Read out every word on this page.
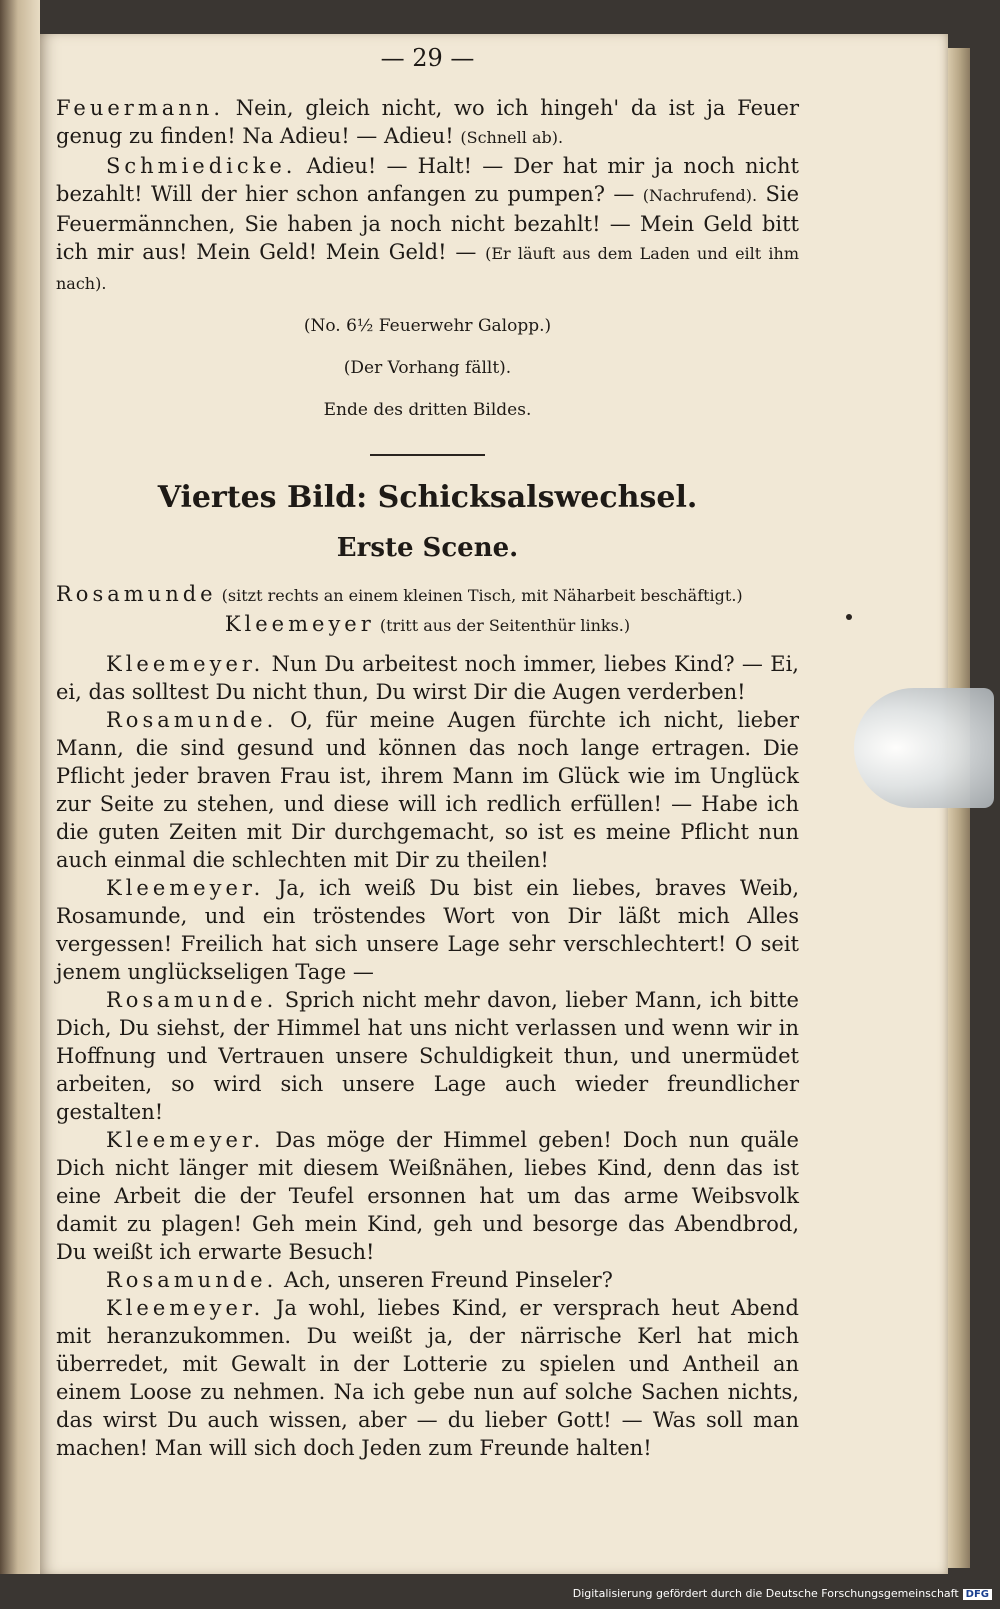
— 29 —

Feuermann. Nein, gleich nicht, wo ich hingeh' da ist ja Feuer genug zu finden! Na Adieu! — Adieu! (Schnell ab).

Schmiedicke. Adieu! — Halt! — Der hat mir ja noch nicht bezahlt! Will der hier schon anfangen zu pumpen? — (Nachrufend). Sie Feuermännchen, Sie haben ja noch nicht bezahlt! — Mein Geld bitt ich mir aus! Mein Geld! Mein Geld! — (Er läuft aus dem Laden und eilt ihm nach).

(No. 6½ Feuerwehr Galopp.)
(Der Vorhang fällt).
Ende des dritten Bildes.
Viertes Bild: Schicksalswechsel.
Erste Scene.

Rosamunde (sitzt rechts an einem kleinen Tisch, mit Näharbeit beschäftigt.)

Kleemeyer (tritt aus der Seitenthür links.)

Kleemeyer. Nun Du arbeitest noch immer, liebes Kind? — Ei, ei, das solltest Du nicht thun, Du wirst Dir die Augen verderben!

Rosamunde. O, für meine Augen fürchte ich nicht, lieber Mann, die sind gesund und können das noch lange ertragen. Die Pflicht jeder braven Frau ist, ihrem Mann im Glück wie im Unglück zur Seite zu stehen, und diese will ich redlich erfüllen! — Habe ich die guten Zeiten mit Dir durchgemacht, so ist es meine Pflicht nun auch einmal die schlechten mit Dir zu theilen!

Kleemeyer. Ja, ich weiß Du bist ein liebes, braves Weib, Rosamunde, und ein tröstendes Wort von Dir läßt mich Alles vergessen! Freilich hat sich unsere Lage sehr verschlechtert! O seit jenem unglückseligen Tage —

Rosamunde. Sprich nicht mehr davon, lieber Mann, ich bitte Dich, Du siehst, der Himmel hat uns nicht verlassen und wenn wir in Hoffnung und Vertrauen unsere Schuldigkeit thun, und unermüdet arbeiten, so wird sich unsere Lage auch wieder freundlicher gestalten!

Kleemeyer. Das möge der Himmel geben! Doch nun quäle Dich nicht länger mit diesem Weißnähen, liebes Kind, denn das ist eine Arbeit die der Teufel ersonnen hat um das arme Weibsvolk damit zu plagen! Geh mein Kind, geh und besorge das Abendbrod, Du weißt ich erwarte Besuch!

Rosamunde. Ach, unseren Freund Pinseler?

Kleemeyer. Ja wohl, liebes Kind, er versprach heut Abend mit heranzukommen. Du weißt ja, der närrische Kerl hat mich überredet, mit Gewalt in der Lotterie zu spielen und Antheil an einem Loose zu nehmen. Na ich gebe nun auf solche Sachen nichts, das wirst Du auch wissen, aber — du lieber Gott! — Was soll man machen! Man will sich doch Jeden zum Freunde halten!

Digitalisierung gefördert durch die Deutsche Forschungsgemeinschaft DFG
